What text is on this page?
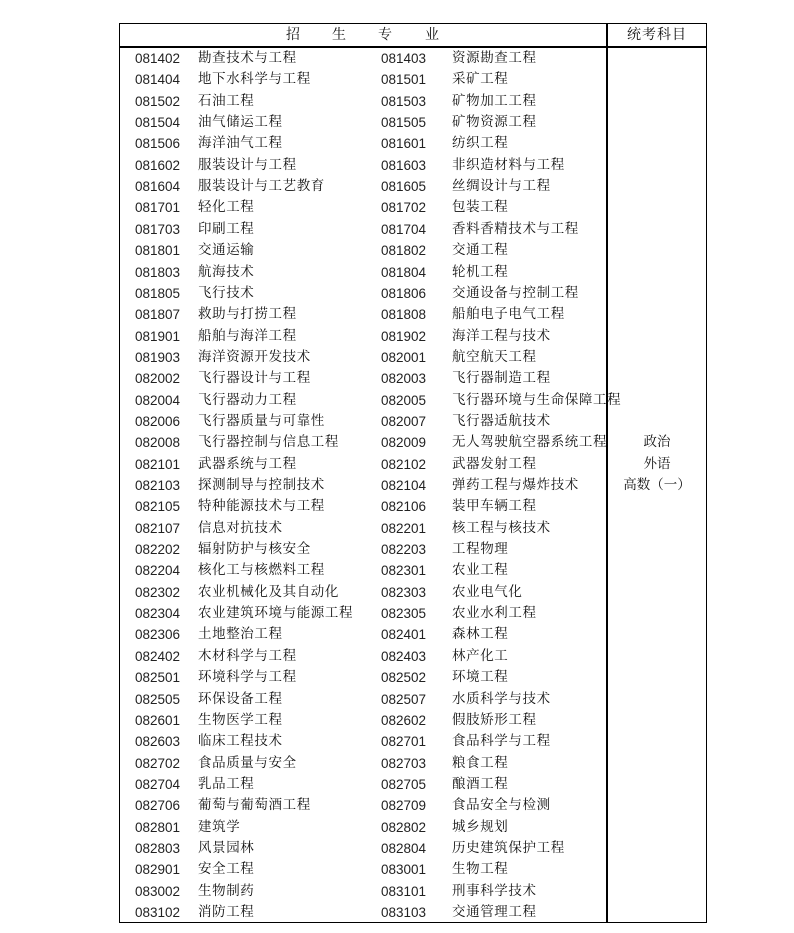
招 生 专 业	统考科目
081402 勘查技术与工程	081403 资源勘查工程
081404 地下水科学与工程	081501 采矿工程
081502 石油工程	081503 矿物加工工程
081504 油气储运工程	081505 矿物资源工程
081506 海洋油气工程	081601 纺织工程
081602 服装设计与工程	081603 非织造材料与工程
081604 服装设计与工艺教育	081605 丝绸设计与工程
081701 轻化工程	081702 包装工程
081703 印刷工程	081704 香料香精技术与工程
081801 交通运输	081802 交通工程
081803 航海技术	081804 轮机工程
081805 飞行技术	081806 交通设备与控制工程
081807 救助与打捞工程	081808 船舶电子电气工程
081901 船舶与海洋工程	081902 海洋工程与技术
081903 海洋资源开发技术	082001 航空航天工程
082002 飞行器设计与工程	082003 飞行器制造工程
082004 飞行器动力工程	082005 飞行器环境与生命保障工程
082006 飞行器质量与可靠性	082007 飞行器适航技术
082008 飞行器控制与信息工程	082009 无人驾驶航空器系统工程
082101 武器系统与工程	082102 武器发射工程
082103 探测制导与控制技术	082104 弹药工程与爆炸技术
082105 特种能源技术与工程	082106 装甲车辆工程
082107 信息对抗技术	082201 核工程与核技术
082202 辐射防护与核安全	082203 工程物理
082204 核化工与核燃料工程	082301 农业工程
082302 农业机械化及其自动化	082303 农业电气化
082304 农业建筑环境与能源工程 082305 农业水利工程
082306 土地整治工程	082401 森林工程
082402 木材科学与工程	082403 林产化工
082501 环境科学与工程	082502 环境工程
082505 环保设备工程	082507 水质科学与技术
082601 生物医学工程	082602 假肢矫形工程
082603 临床工程技术	082701 食品科学与工程
082702 食品质量与安全	082703 粮食工程
082704 乳品工程	082705 酿酒工程
082706 葡萄与葡萄酒工程	082709 食品安全与检测
082801 建筑学	082802 城乡规划
082803 风景园林	082804 历史建筑保护工程
082901 安全工程	083001 生物工程
083002 生物制药	083101 刑事科学技术
083102 消防工程	083103 交通管理工程
政治
外语
高数（一）
